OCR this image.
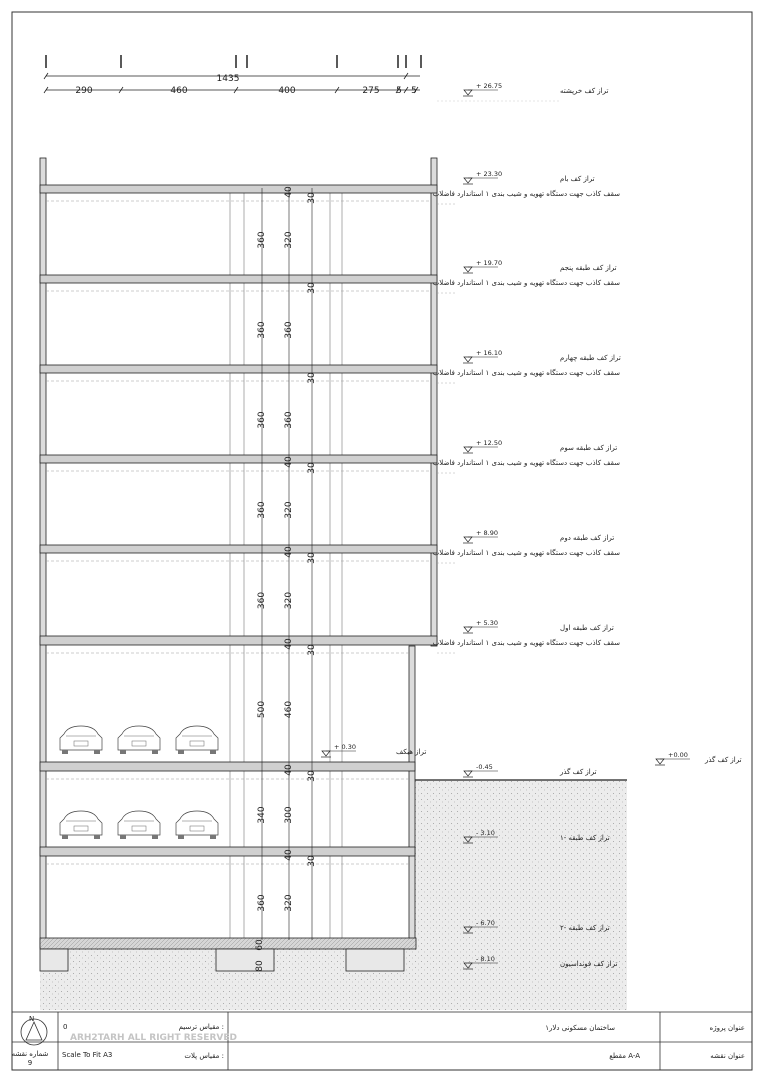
1435
290	460	400	275 5 5
360 320
40
30
360 360
30
360 360
30
360 320
40
30
360 320
40
30
500 460
40
30
340 300
40
30
360 320
40
30
+ 26.75
تراز کف خرپشته
+ 23.30
تراز کف بام
سقف کاذب جهت دستگاه تهویه و شیب بندی ۱ استاندارد فاضلاب
+ 19.70
تراز کف طبقه پنجم
سقف کاذب جهت دستگاه تهویه و شیب بندی ۱ استاندارد فاضلاب
+ 16.10
تراز کف طبقه چهارم
سقف کاذب جهت دستگاه تهویه و شیب بندی ۱ استاندارد فاضلاب
+ 12.50
تراز کف طبقه سوم
سقف کاذب جهت دستگاه تهویه و شیب بندی ۱ استاندارد فاضلاب
+ 8.90
تراز کف طبقه دوم
سقف کاذب جهت دستگاه تهویه و شیب بندی ۱ استاندارد فاضلاب
+ 5.30
تراز کف طبقه اول
سقف کاذب جهت دستگاه تهویه و شیب بندی ۱ استاندارد فاضلاب
+ 0.30
تراز هبکف
-0.45
تراز کف گذر
+0.00
تراز کف گذر
- 3.10
تراز کف طبقه -۱
- 6.70
تراز کف طبقه -۲
- 8.10
تراز کف فونداسیون
80
60
N
0
شماره نقشه
9
Scale To Fit A3
مقیاس ترسیم :
مقیاس پلات :
عنوان پروژه
ساختمان مسکونی دلار۱
عنوان نقشه
مقطع A-A
ARH2TARH ALL RIGHT RESERVED
